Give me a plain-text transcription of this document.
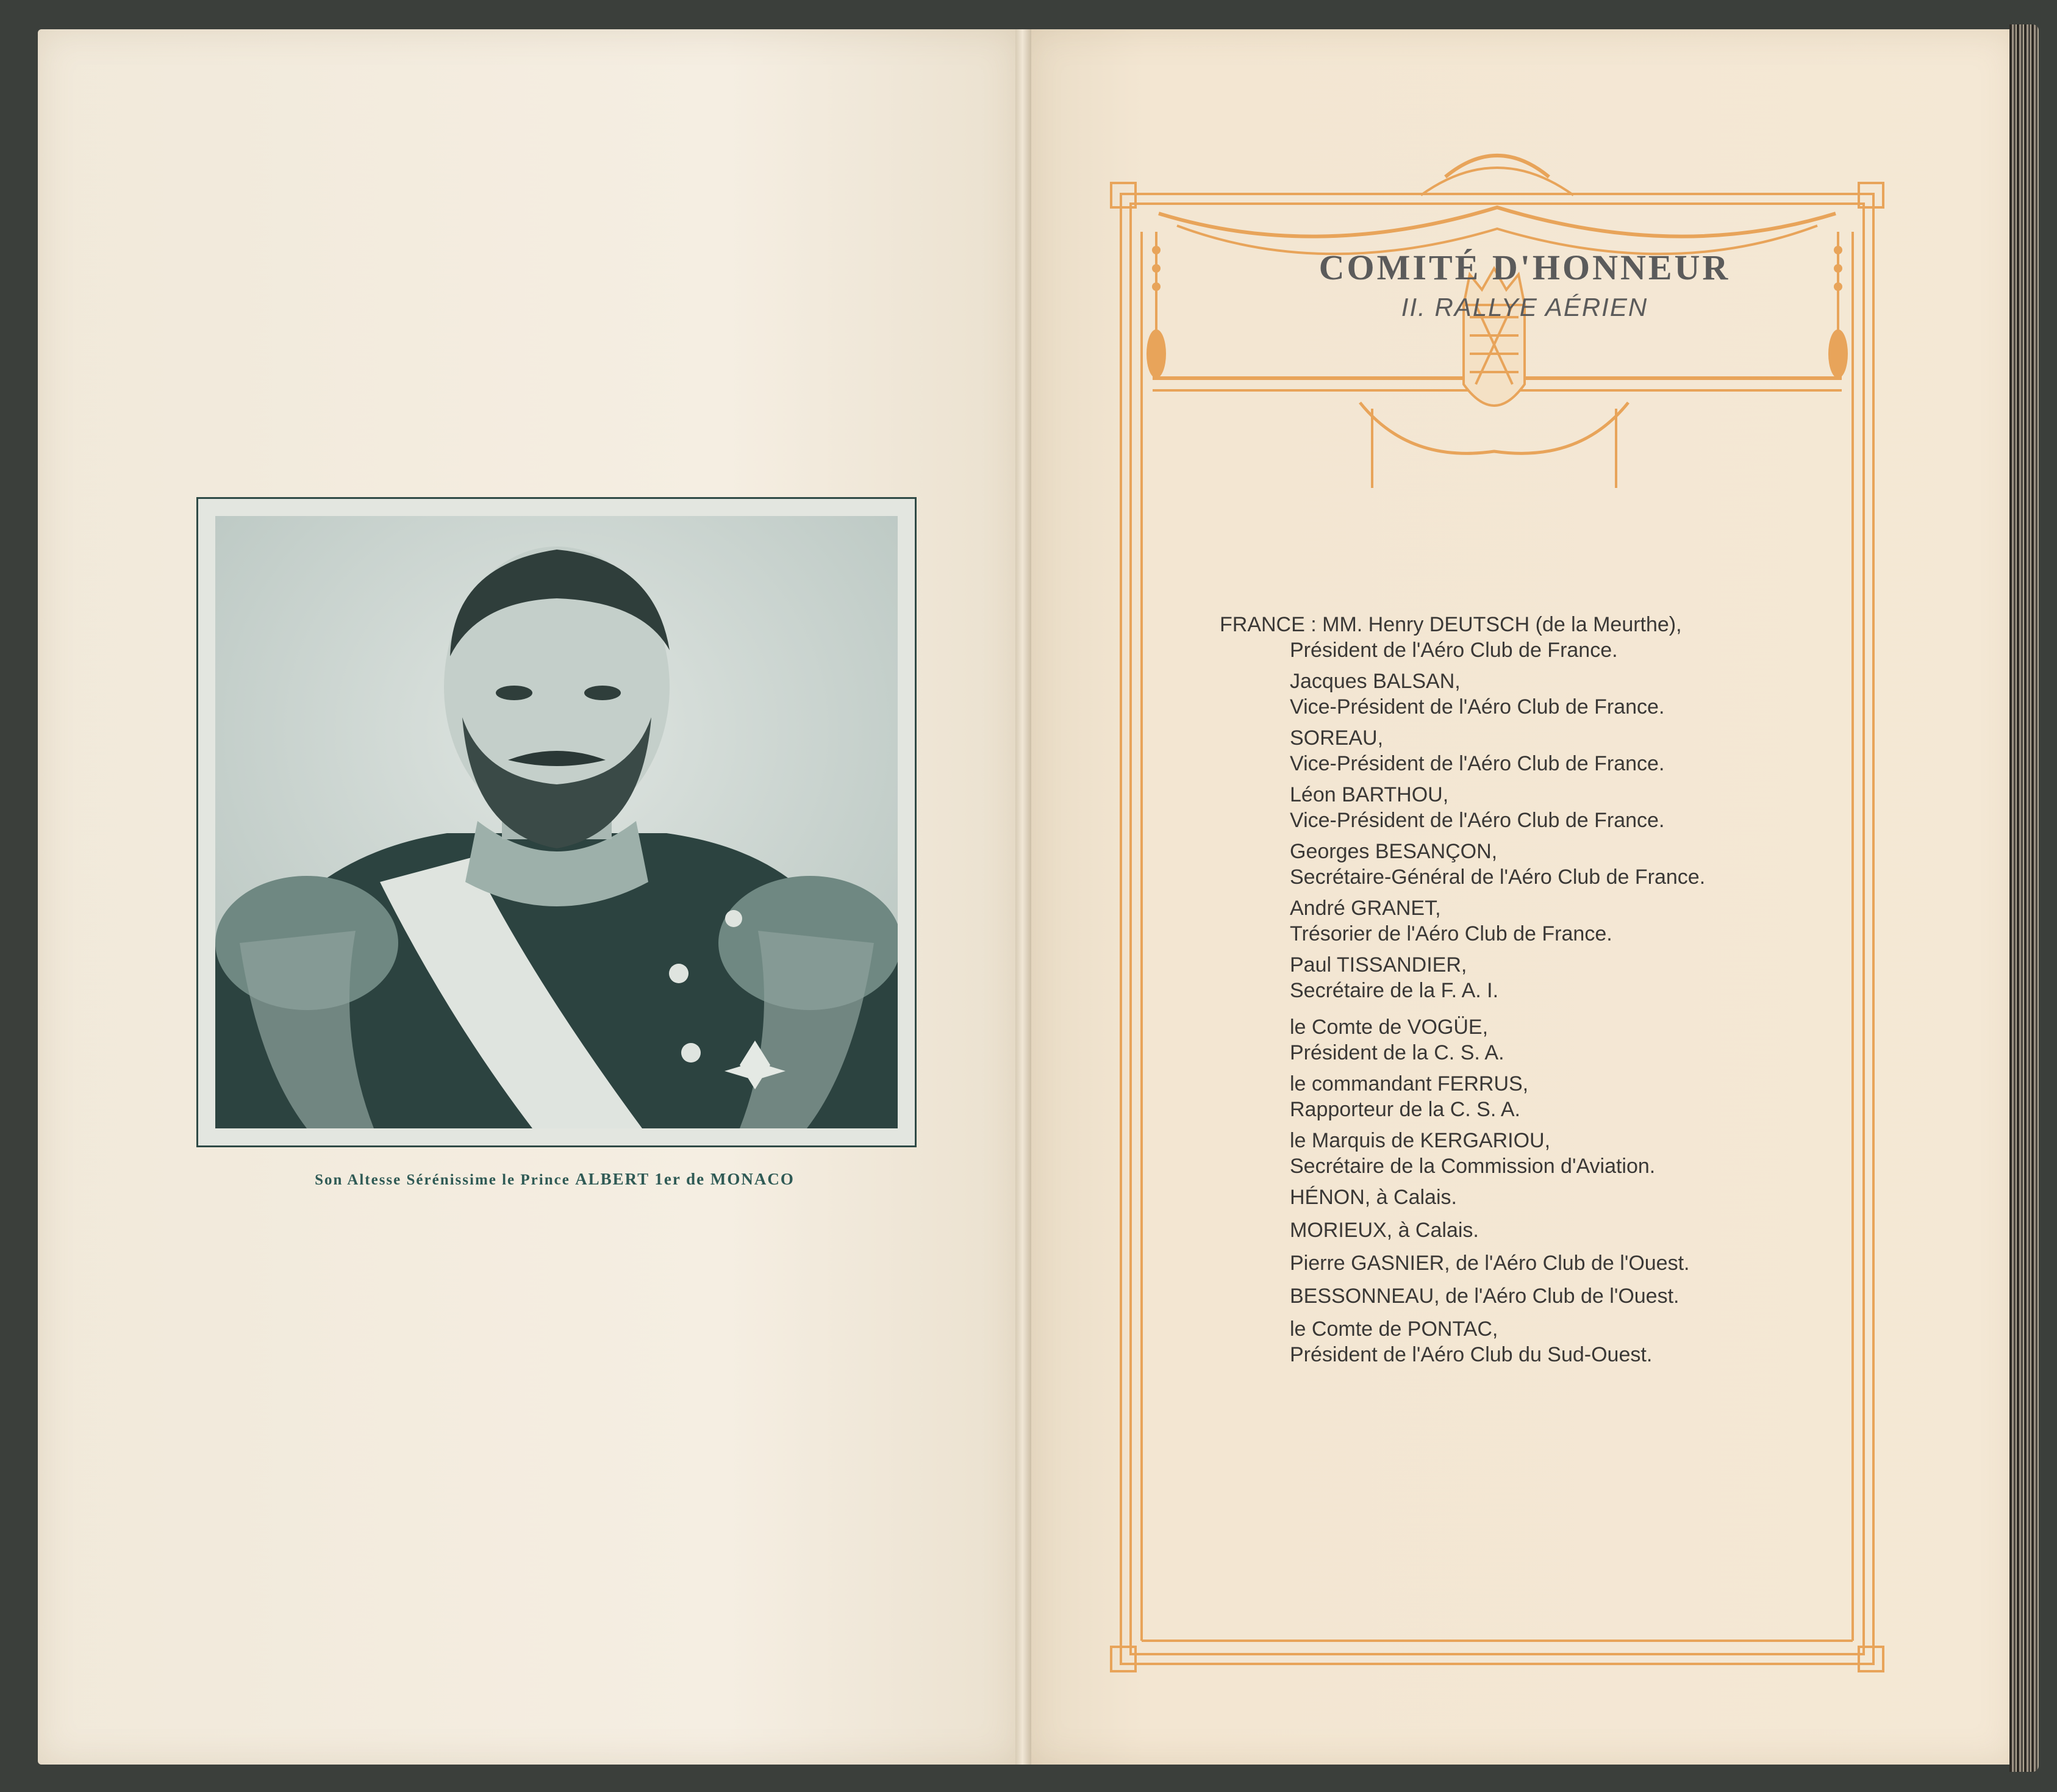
Son Altesse Sérénissime le Prince ALBERT 1er de MONACO
COMITÉ D'HONNEUR
II. RALLYE AÉRIEN
FRANCE : MM. Henry DEUTSCH (de la Meurthe),
Président de l'Aéro Club de France.
Jacques BALSAN,
Vice-Président de l'Aéro Club de France.
SOREAU,
Vice-Président de l'Aéro Club de France.
Léon BARTHOU,
Vice-Président de l'Aéro Club de France.
Georges BESANÇON,
Secrétaire-Général de l'Aéro Club de France.
André GRANET,
Trésorier de l'Aéro Club de France.
Paul TISSANDIER,
Secrétaire de la F. A. I.
le Comte de VOGÜE,
Président de la C. S. A.
le commandant FERRUS,
Rapporteur de la C. S. A.
le Marquis de KERGARIOU,
Secrétaire de la Commission d'Aviation.
HÉNON, à Calais.
MORIEUX, à Calais.
Pierre GASNIER, de l'Aéro Club de l'Ouest.
BESSONNEAU, de l'Aéro Club de l'Ouest.
le Comte de PONTAC,
Président de l'Aéro Club du Sud-Ouest.
